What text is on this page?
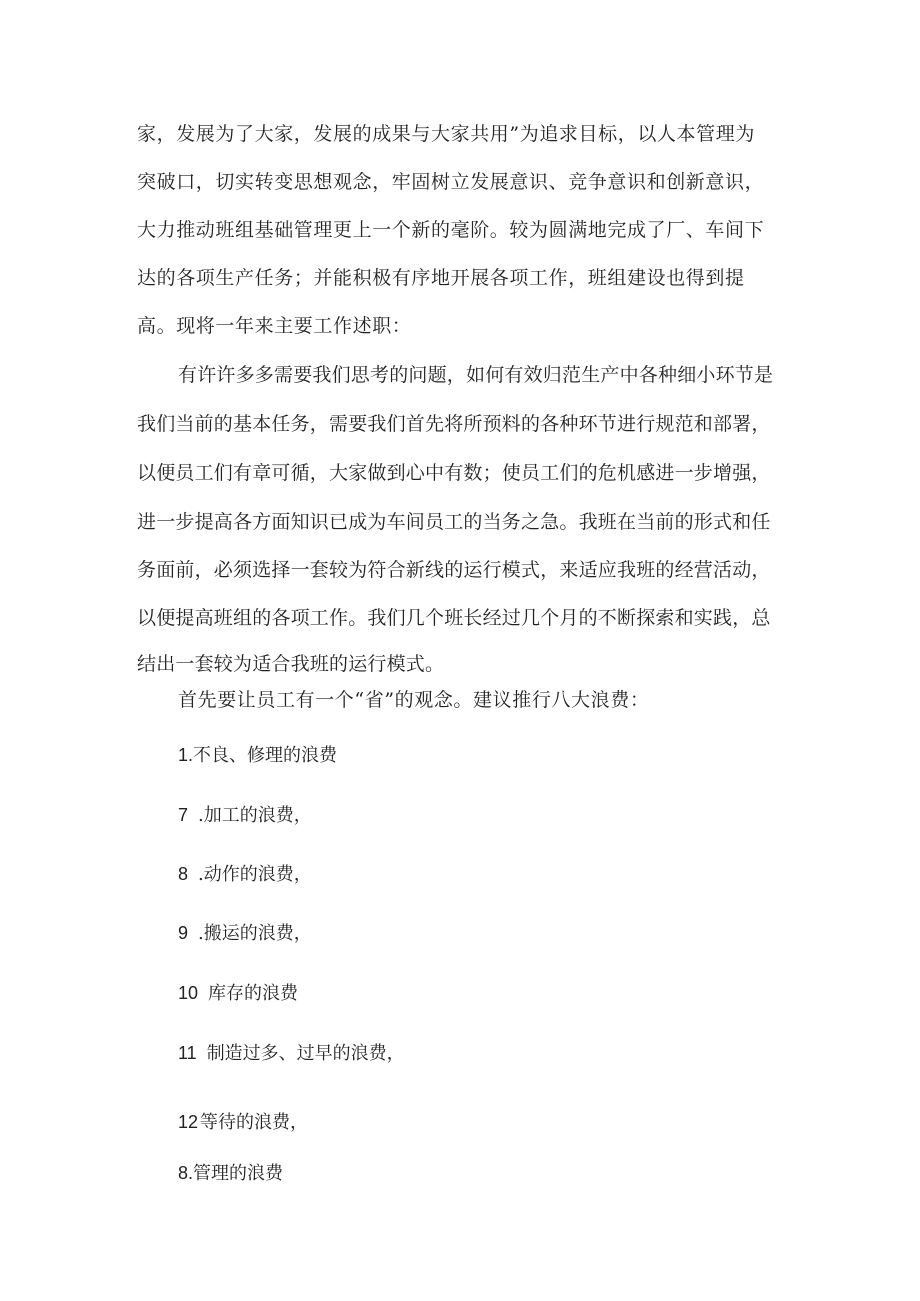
家，发展为了大家，发展的成果与大家共用”为追求目标，以人本管理为
突破口，切实转变思想观念，牢固树立发展意识、竞争意识和创新意识，
大力推动班组基础管理更上一个新的毫阶。较为圆满地完成了厂、车间下
达的各项生产任务；并能积极有序地开展各项工作，班组建设也得到提
高。现将一年来主要工作述职：
有许许多多需要我们思考的问题，如何有效归范生产中各种细小环节是
我们当前的基本任务，需要我们首先将所预料的各种环节进行规范和部署，
以便员工们有章可循，大家做到心中有数；使员工们的危机感进一步增强，
进一步提高各方面知识已成为车间员工的当务之急。我班在当前的形式和任
务面前，必须选择一套较为符合新线的运行模式，来适应我班的经营活动，
以便提高班组的各项工作。我们几个班长经过几个月的不断探索和实践，总
结出一套较为适合我班的运行模式。
首先要让员工有一个“省”的观念。建议推行八大浪费：
1.不良、修理的浪费
7 .加工的浪费，
8 .动作的浪费，
9 .搬运的浪费，
10 库存的浪费
11 制造过多、过早的浪费，
12 等待的浪费，
8.管理的浪费
